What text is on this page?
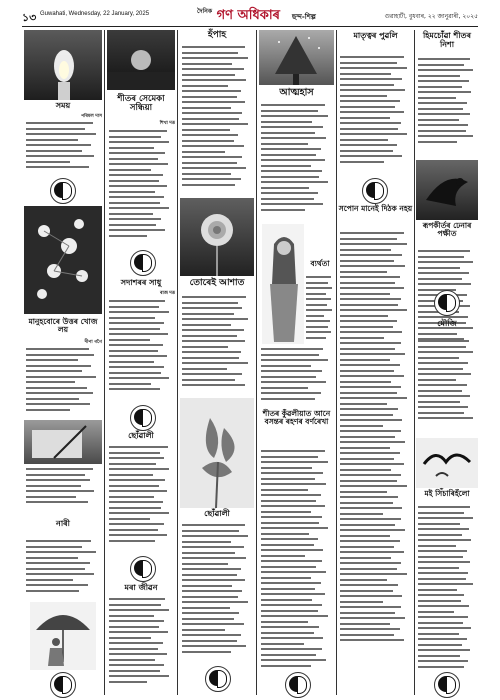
১৩ Guwahati, Wednesday, 22 January, 2025	$^{দৈনিক}$ গণ অধিকাৰ ছন্দ-শিল্প	গুৱাহাটী, বুধবাৰ, ২২ জানুৱাৰী, ২০২৫
সময়
পৰিমল দাস
মানুহবোৰে উত্তৰ খোজ লয়
দীপা গগৈ
নাৰী
শীতৰ সেমেকা সন্ধিয়া
শিখা দত্ত
সদাশৰৰ সাধু
ৰাজ দত্ত
ছোঁৱালী
মৰা জীৱন
হঁপাহ
তোৰেই আশাত
ছোঁৱালী
আত্মহাস
ব্যৰ্থতা
শীতৰ কুঁৱলীয়াত আনে বসন্তৰ ৰহণৰ বৰ্ণৰেখা
মাতৃত্বৰ পুৱলি
সপোন মানেই দিঠক নহয়
হিমচোঁৱা শীতৰ নিশা
ৰূপকীৰ্তৰ ঢেনাৰ পক্ষীত
মৌজি
মই সিঁচাৰিহঁলো
